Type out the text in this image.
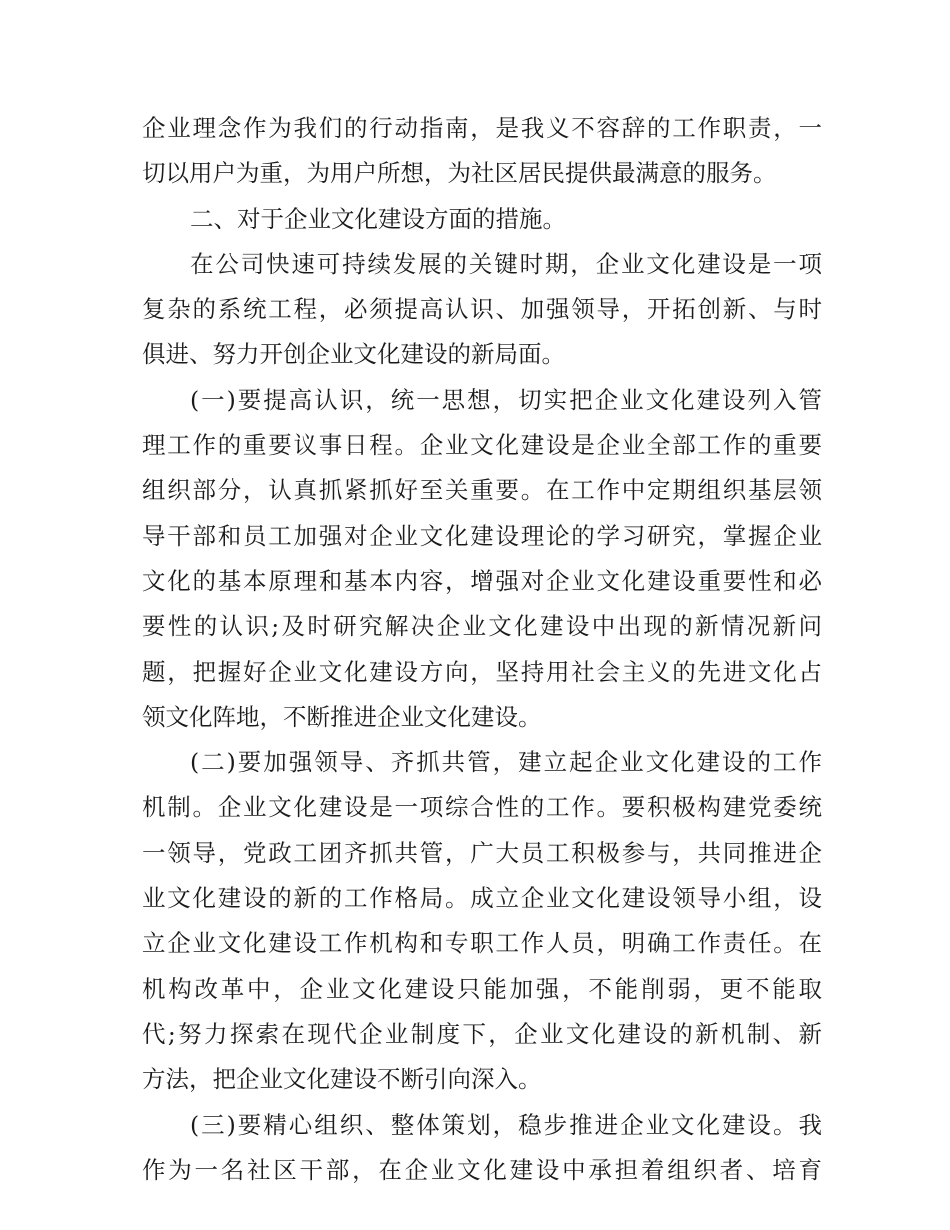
企业理念作为我们的行动指南，是我义不容辞的工作职责，一
切以用户为重，为用户所想，为社区居民提供最满意的服务。
二、对于企业文化建设方面的措施。
在公司快速可持续发展的关键时期，企业文化建设是一项
复杂的系统工程，必须提高认识、加强领导，开拓创新、与时
俱进、努力开创企业文化建设的新局面。
(一)要提高认识，统一思想，切实把企业文化建设列入管
理工作的重要议事日程。企业文化建设是企业全部工作的重要
组织部分，认真抓紧抓好至关重要。在工作中定期组织基层领
导干部和员工加强对企业文化建设理论的学习研究，掌握企业
文化的基本原理和基本内容，增强对企业文化建设重要性和必
要性的认识;及时研究解决企业文化建设中出现的新情况新问
题，把握好企业文化建设方向，坚持用社会主义的先进文化占
领文化阵地，不断推进企业文化建设。
(二)要加强领导、齐抓共管，建立起企业文化建设的工作
机制。企业文化建设是一项综合性的工作。要积极构建党委统
一领导，党政工团齐抓共管，广大员工积极参与，共同推进企
业文化建设的新的工作格局。成立企业文化建设领导小组，设
立企业文化建设工作机构和专职工作人员，明确工作责任。在
机构改革中，企业文化建设只能加强，不能削弱，更不能取
代;努力探索在现代企业制度下，企业文化建设的新机制、新
方法，把企业文化建设不断引向深入。
(三)要精心组织、整体策划，稳步推进企业文化建设。我
作为一名社区干部，在企业文化建设中承担着组织者、培育
